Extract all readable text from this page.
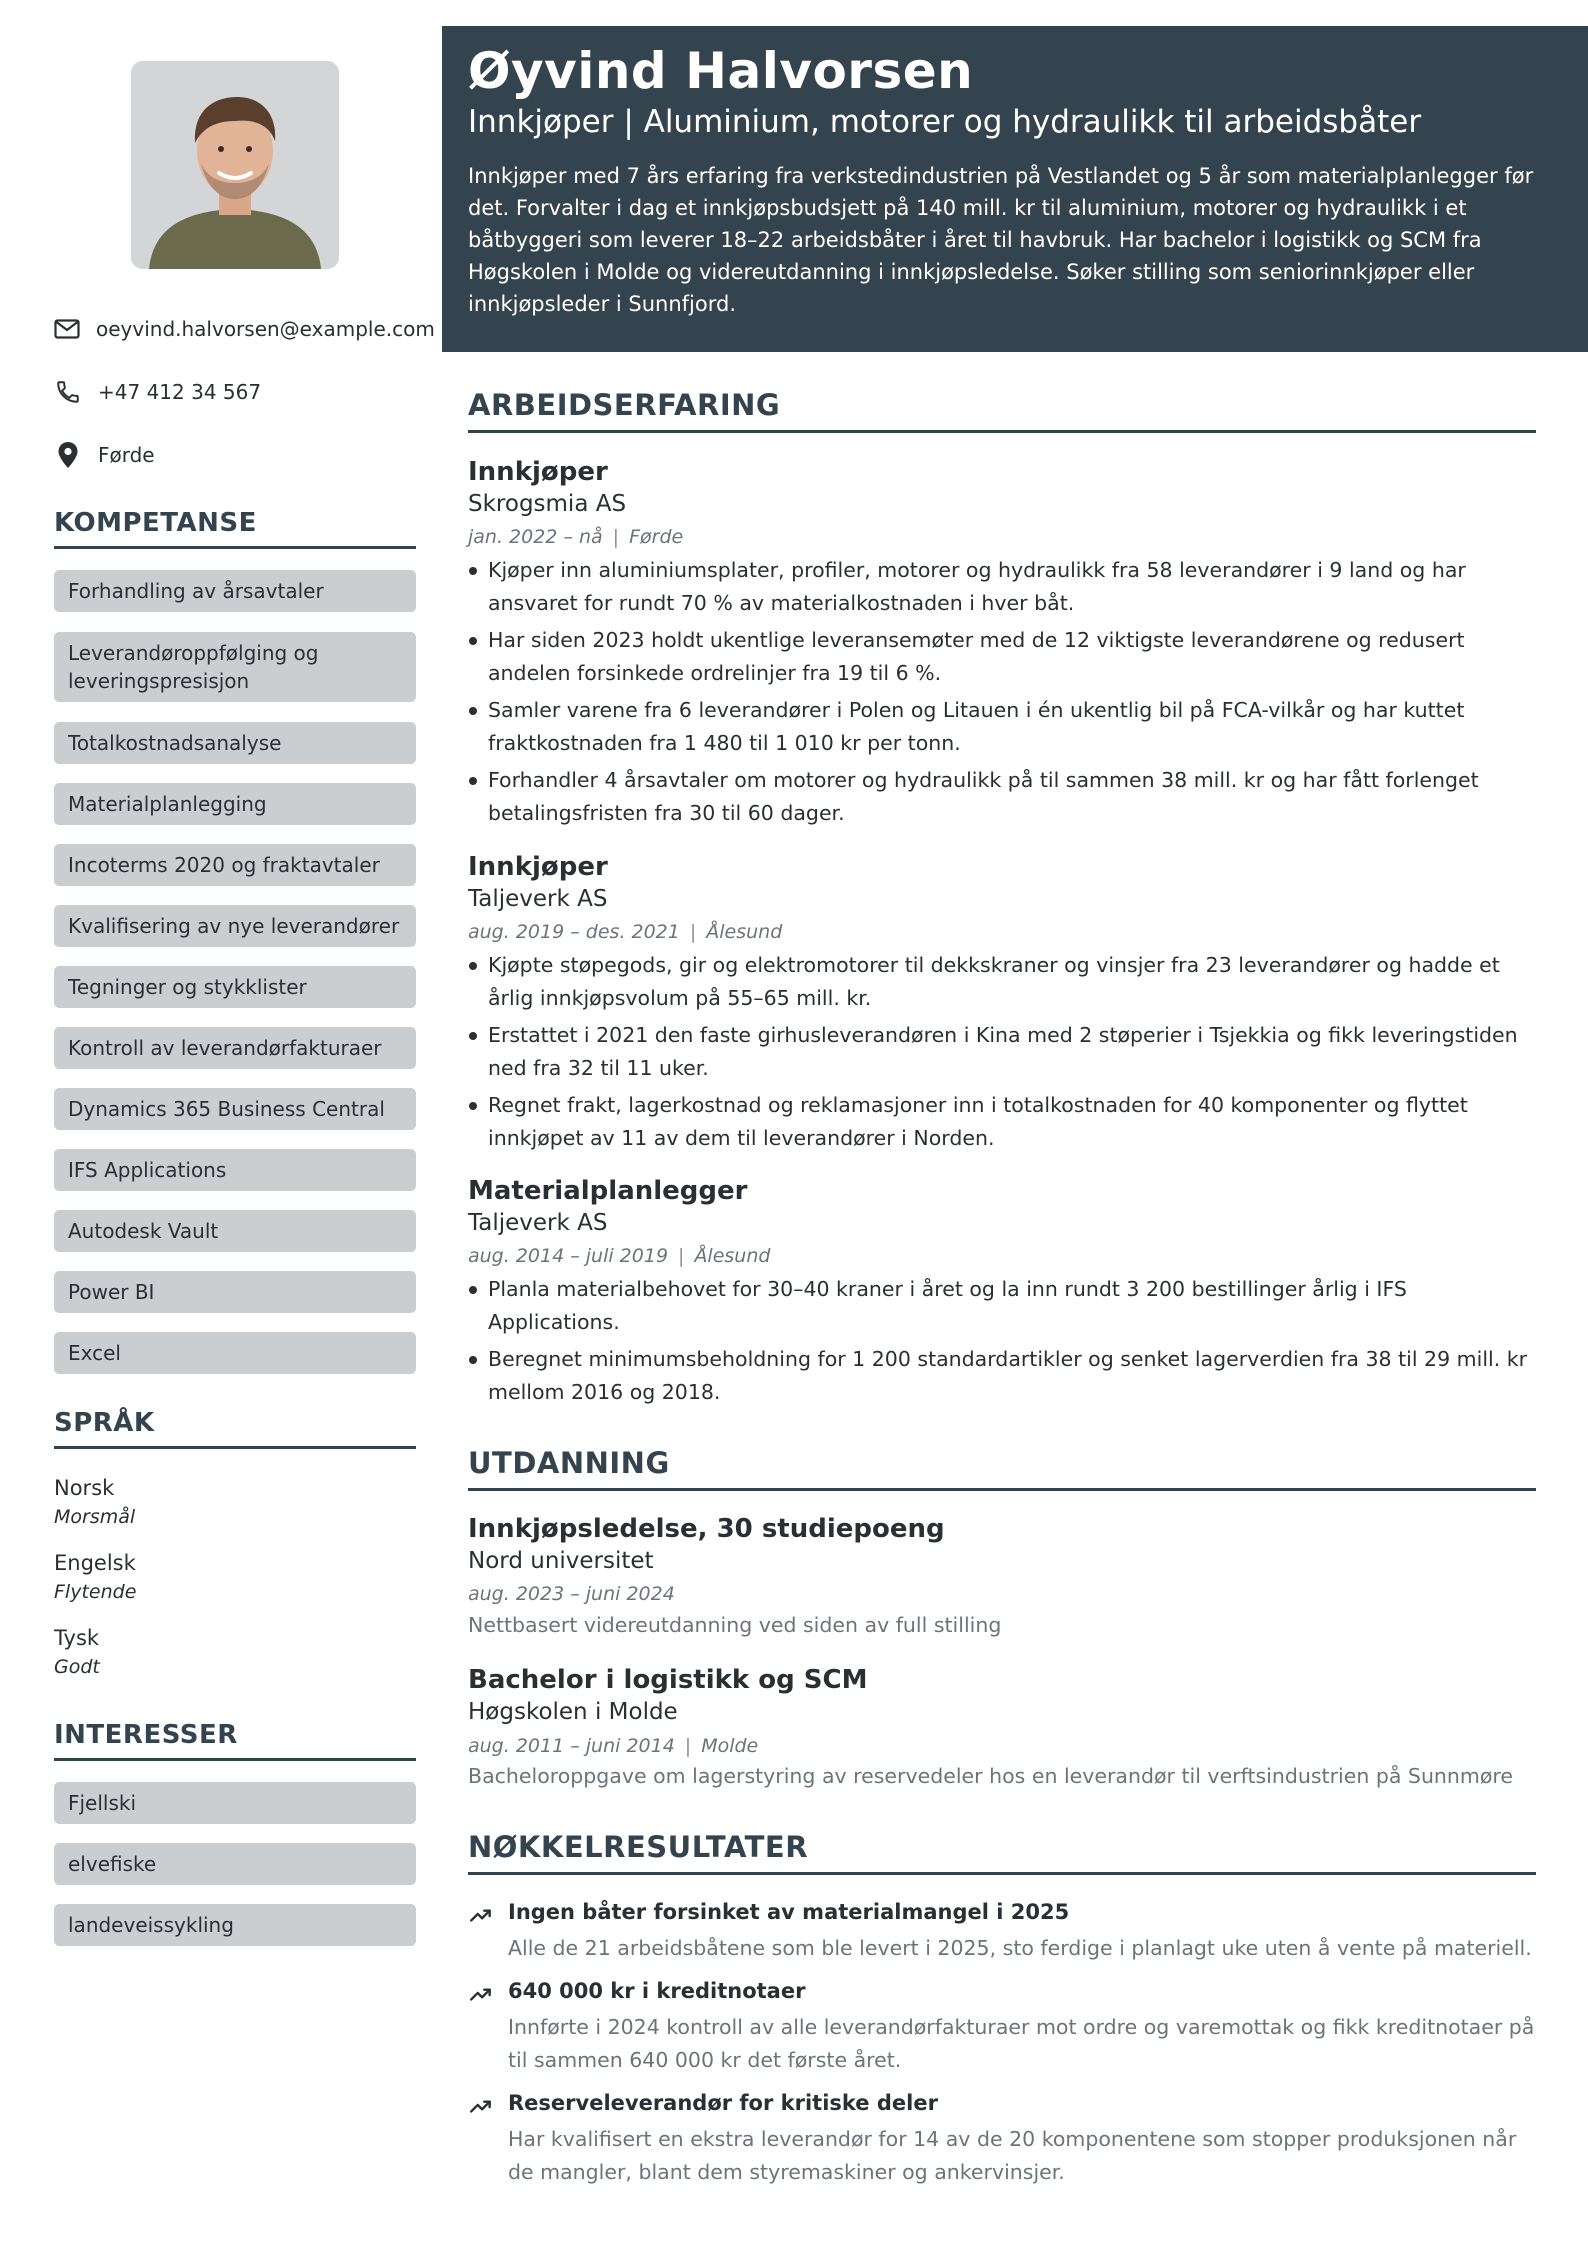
oeyvind.halvorsen@example.com
+47 412 34 567
Førde
KOMPETANSE
Forhandling av årsavtaler
Leverandøroppfølging og leveringspresisjon
Totalkostnadsanalyse
Materialplanlegging
Incoterms 2020 og fraktavtaler
Kvalifisering av nye leverandører
Tegninger og stykklister
Kontroll av leverandørfakturaer
Dynamics 365 Business Central
IFS Applications
Autodesk Vault
Power BI
Excel
SPRÅK
Norsk
Morsmål
Engelsk
Flytende
Tysk
Godt
INTERESSER
Fjellski
elvefiske
landeveissykling
Øyvind Halvorsen
Innkjøper | Aluminium, motorer og hydraulikk til arbeidsbåter
Innkjøper med 7 års erfaring fra verkstedindustrien på Vestlandet og 5 år som materialplanlegger før det. Forvalter i dag et innkjøpsbudsjett på 140 mill. kr til aluminium, motorer og hydraulikk i et båtbyggeri som leverer 18–22 arbeidsbåter i året til havbruk. Har bachelor i logistikk og SCM fra Høgskolen i Molde og videreutdanning i innkjøpsledelse. Søker stilling som seniorinnkjøper eller innkjøpsleder i Sunnfjord.
ARBEIDSERFARING
Innkjøper
Skrogsmia AS
jan. 2022 – nå | Førde
Kjøper inn aluminiumsplater, profiler, motorer og hydraulikk fra 58 leverandører i 9 land og har ansvaret for rundt 70 % av materialkostnaden i hver båt.
Har siden 2023 holdt ukentlige leveransemøter med de 12 viktigste leverandørene og redusert andelen forsinkede ordrelinjer fra 19 til 6 %.
Samler varene fra 6 leverandører i Polen og Litauen i én ukentlig bil på FCA-vilkår og har kuttet fraktkostnaden fra 1 480 til 1 010 kr per tonn.
Forhandler 4 årsavtaler om motorer og hydraulikk på til sammen 38 mill. kr og har fått forlenget betalingsfristen fra 30 til 60 dager.
Innkjøper
Taljeverk AS
aug. 2019 – des. 2021 | Ålesund
Kjøpte støpegods, gir og elektromotorer til dekkskraner og vinsjer fra 23 leverandører og hadde et årlig innkjøpsvolum på 55–65 mill. kr.
Erstattet i 2021 den faste girhusleverandøren i Kina med 2 støperier i Tsjekkia og fikk leveringstiden ned fra 32 til 11 uker.
Regnet frakt, lagerkostnad og reklamasjoner inn i totalkostnaden for 40 komponenter og flyttet innkjøpet av 11 av dem til leverandører i Norden.
Materialplanlegger
Taljeverk AS
aug. 2014 – juli 2019 | Ålesund
Planla materialbehovet for 30–40 kraner i året og la inn rundt 3 200 bestillinger årlig i IFS Applications.
Beregnet minimumsbeholdning for 1 200 standardartikler og senket lagerverdien fra 38 til 29 mill. kr mellom 2016 og 2018.
UTDANNING
Innkjøpsledelse, 30 studiepoeng
Nord universitet
aug. 2023 – juni 2024
Nettbasert videreutdanning ved siden av full stilling
Bachelor i logistikk og SCM
Høgskolen i Molde
aug. 2011 – juni 2014 | Molde
Bacheloroppgave om lagerstyring av reservedeler hos en leverandør til verftsindustrien på Sunnmøre
NØKKELRESULTATER
Ingen båter forsinket av materialmangel i 2025
Alle de 21 arbeidsbåtene som ble levert i 2025, sto ferdige i planlagt uke uten å vente på materiell.
640 000 kr i kreditnotaer
Innførte i 2024 kontroll av alle leverandørfakturaer mot ordre og varemottak og fikk kreditnotaer på til sammen 640 000 kr det første året.
Reserveleverandør for kritiske deler
Har kvalifisert en ekstra leverandør for 14 av de 20 komponentene som stopper produksjonen når de mangler, blant dem styremaskiner og ankervinsjer.
